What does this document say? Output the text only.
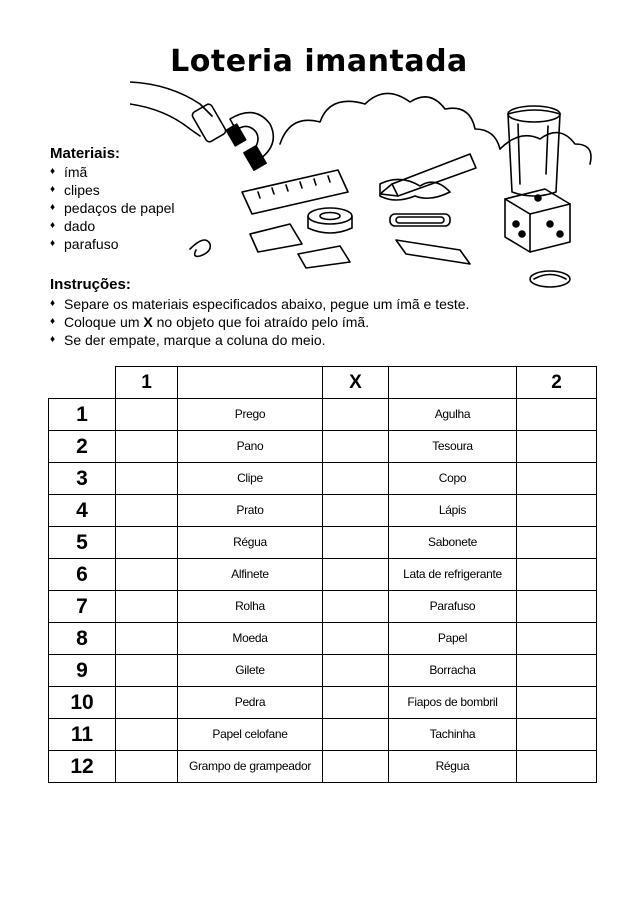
Loteria imantada
Materiais:
♦ ímã
♦ clipes
♦ pedaços de papel
♦ dado
♦ parafuso
Instruções:
♦ Separe os materiais especificados abaixo, pegue um ímã e teste.
♦ Coloque um X no objeto que foi atraído pelo ímã.
♦ Se der empate, marque a coluna do meio.
	1		X		2
1		Prego		Agulha	
2		Pano		Tesoura	
3		Clipe		Copo	
4		Prato		Lápis	
5		Régua		Sabonete	
6		Alfinete		Lata de refrigerante	
7		Rolha		Parafuso	
8		Moeda		Papel	
9		Gilete		Borracha	
10		Pedra		Fiapos de bombril	
11		Papel celofane		Tachinha	
12		Grampo de grampeador		Régua	
